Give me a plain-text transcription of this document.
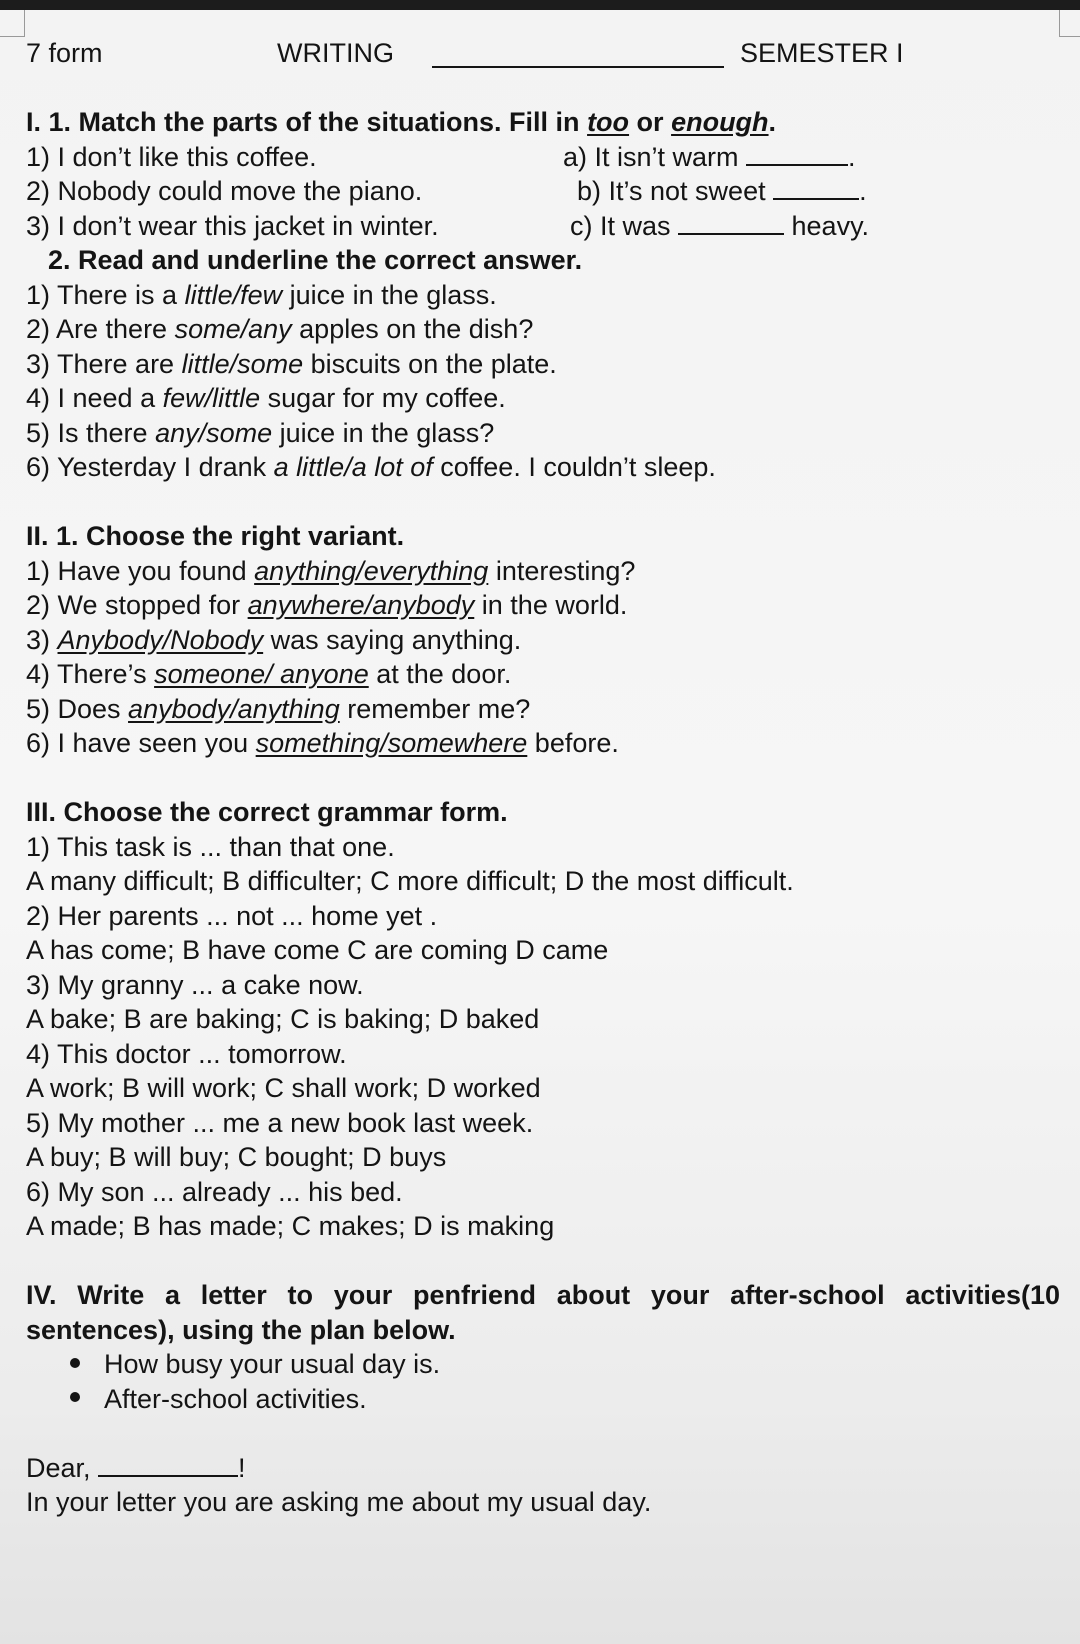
7 form	WRITING	SEMESTER I
I. 1. Match the parts of the situations. Fill in too or enough.
1) I don’t like this coffee.	a) It isn’t warm	.
2) Nobody could move the piano.	b) It’s not sweet	.
3) I don’t wear this jacket in winter.	c) It was	heavy.
2. Read and underline the correct answer.
1) There is a little/few juice in the glass.
2) Are there some/any apples on the dish?
3) There are little/some biscuits on the plate.
4) I need a few/little sugar for my coffee.
5) Is there any/some juice in the glass?
6) Yesterday I drank a little/a lot of coffee. I couldn’t sleep.
II. 1. Choose the right variant.
1) Have you found anything/everything interesting?
2) We stopped for anywhere/anybody in the world.
3) Anybody/Nobody was saying anything.
4) There’s someone/ anyone at the door.
5) Does anybody/anything remember me?
6) I have seen you something/somewhere before.
III. Choose the correct grammar form.
1) This task is ... than that one.
A many difficult; B difficulter; C more difficult; D the most difficult.
2) Her parents ... not ... home yet .
A has come; B have come C are coming D came
3) My granny ... a cake now.
A bake; B are baking; C is baking; D baked
4) This doctor ... tomorrow.
A work; B will work; C shall work; D worked
5) My mother ... me a new book last week.
A buy; B will buy; C bought; D buys
6) My son ... already ... his bed.
A made; B has made; C makes; D is making
IV. Write a letter to your penfriend about your after-school activities(10
sentences), using the plan below.
How busy your usual day is.
After-school activities.
Dear,	!
In your letter you are asking me about my usual day.
